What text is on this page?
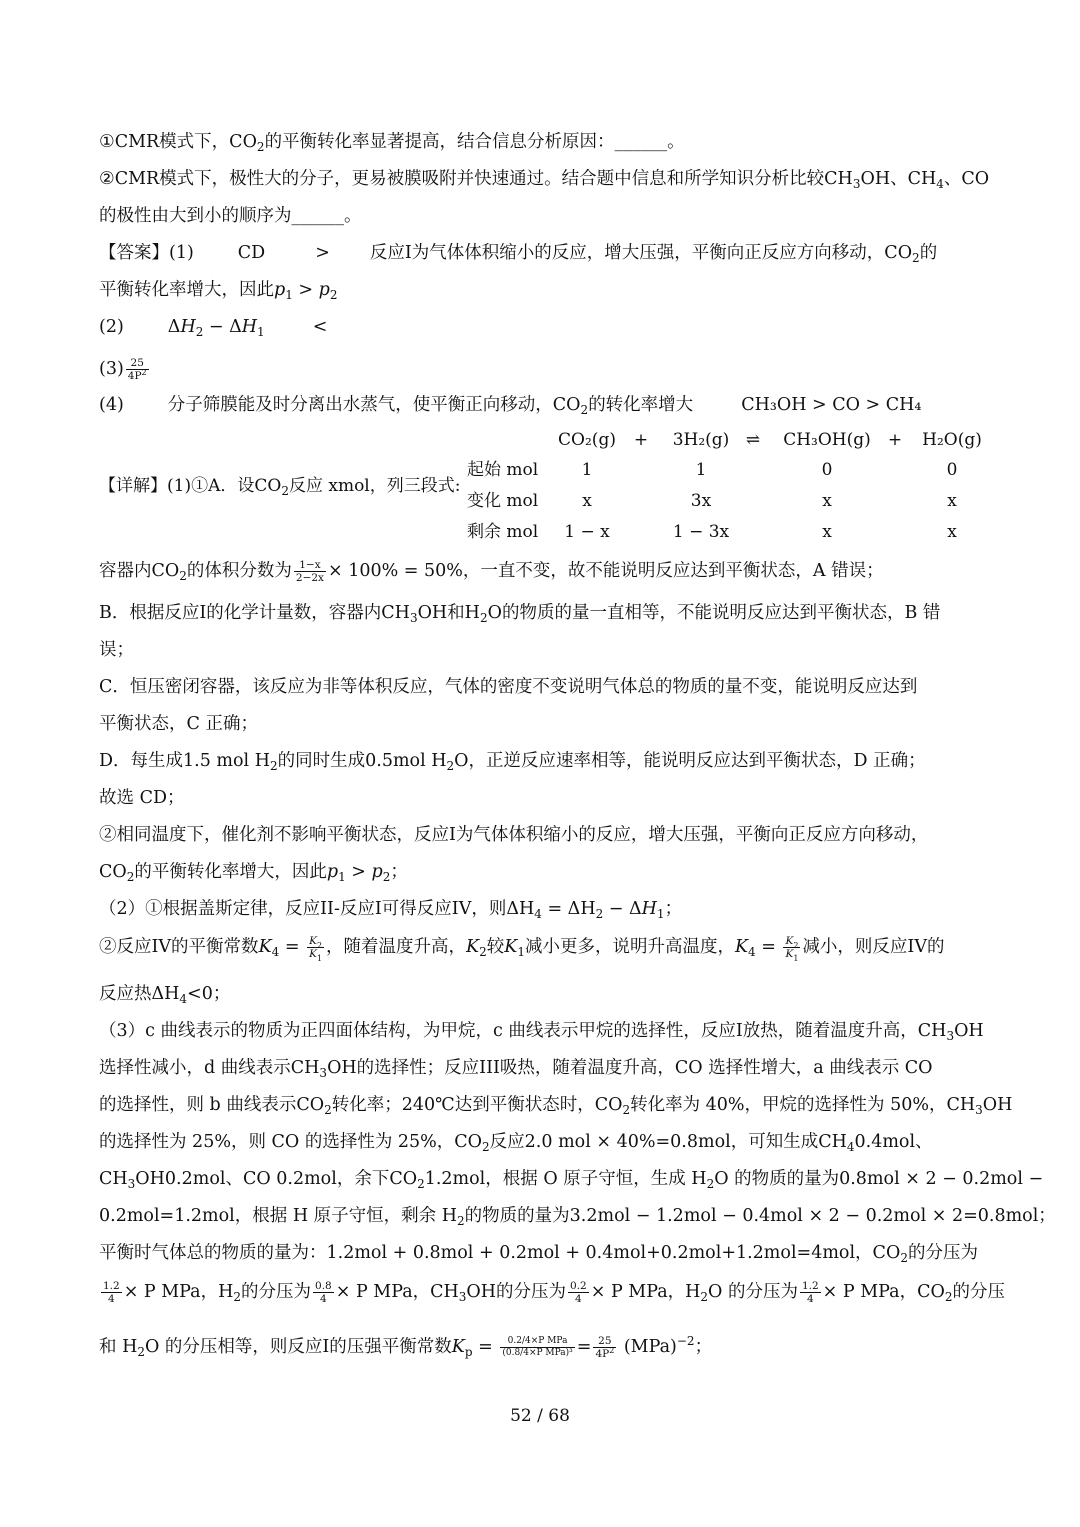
①CMR模式下，$CO_2$的平衡转化率显著提高，结合信息分析原因：______。
②CMR模式下，极性大的分子，更易被膜吸附并快速通过。结合题中信息和所学知识分析比较$CH_3OH$、$CH_4$、CO
的极性由大到小的顺序为______。
【答案】(1)	CD	> 反应I为气体体积缩小的反应，增大压强，平衡向正反应方向移动，$CO_2$的
平衡转化率增大，因此$p_1 > p_2$
(2)	$\Delta H_2 - \Delta H_1$	<
$(3) \frac{25}{4P^2}$
(4)	分子筛膜能及时分离出水蒸气，使平衡正向移动，$CO_2$的转化率增大	CH₃OH > CO > CH₄
【详解】(1)①A．设$CO_2$反应 xmol，列三段式:
CO₂(g)	+	3H₂(g) ⇌	CH₃OH(g)	+	H₂O(g)
起始 mol	1	1	0	0
变化 mol	x	3x	x	x
剩余 mol	1 − x	1 − 3x	x	x
容器内$CO_2$的体积分数为 $\frac{1-x}{2-2x} \times 100\% = 50\%$，一直不变，故不能说明反应达到平衡状态，A 错误；
B．根据反应I的化学计量数，容器内$CH_3OH$和$H_2O$的物质的量一直相等，不能说明反应达到平衡状态，B 错
误；
C．恒压密闭容器，该反应为非等体积反应，气体的密度不变说明气体总的物质的量不变，能说明反应达到
平衡状态，C 正确；
D．每生成1.5 mol $H_2$的同时生成0.5mol $H_2O$，正逆反应速率相等，能说明反应达到平衡状态，D 正确；
故选 CD；
②相同温度下，催化剂不影响平衡状态，反应I为气体体积缩小的反应，增大压强，平衡向正反应方向移动，
$CO_2$的平衡转化率增大，因此$p_1 > p_2$；
（2）①根据盖斯定律，反应II-反应I可得反应IV，则$\Delta H_4 = \Delta H_2 - \Delta H_1$；
②反应IV的平衡常数$K_4 = \frac{K_2}{K_1}$ ，随着温度升高，$K_2$较$K_1$减小更多，说明升高温度，$K_4 = \frac{K_2}{K_1}$ 减小，则反应IV的
反应热$\Delta H_4<0$；
（3）c 曲线表示的物质为正四面体结构，为甲烷，c 曲线表示甲烷的选择性，反应I放热，随着温度升高，$CH_3OH$
选择性减小，d 曲线表示$CH_3OH$的选择性；反应III吸热，随着温度升高，CO 选择性增大，a 曲线表示 CO
的选择性，则 b 曲线表示$CO_2$转化率；240℃达到平衡状态时，$CO_2$转化率为 40%，甲烷的选择性为 50%，$CH_3OH$
的选择性为 25%，则 CO 的选择性为 25%，$CO_2$反应2.0 mol × 40%=0.8mol，可知生成$CH_40.4mol$、
$CH_3OH0.2mol$、CO 0.2mol，余下$CO_21.2mol$，根据 O 原子守恒，生成 $H_2O$ 的物质的量为0.8mol × 2 − 0.2mol −
0.2mol=1.2mol，根据 H 原子守恒，剩余 $H_2$的物质的量为3.2mol − 1.2mol − 0.4mol × 2 − 0.2mol × 2=0.8mol；
平衡时气体总的物质的量为：1.2mol + 0.8mol + 0.2mol + 0.4mol+0.2mol+1.2mol=4mol，$CO_2$的分压为
$\frac{1.2}{4} \times P$ MPa，$H_2$的分压为 $\frac{0.8}{4} \times P$ MPa，$CH_3OH$的分压为 $\frac{0.2}{4} \times P$ MPa，$H_2O$ 的分压为 $\frac{1.2}{4} \times P$ MPa，$CO_2$的分压
和 $H_2O$ 的分压相等，则反应I的压强平衡常数$K_p = \frac{\text{0.2/4×P MPa}}{\text{(0.8/4×P MPa)³}} = \frac{25}{4P^2} (MPa)^{-2}$；
52 / 68
